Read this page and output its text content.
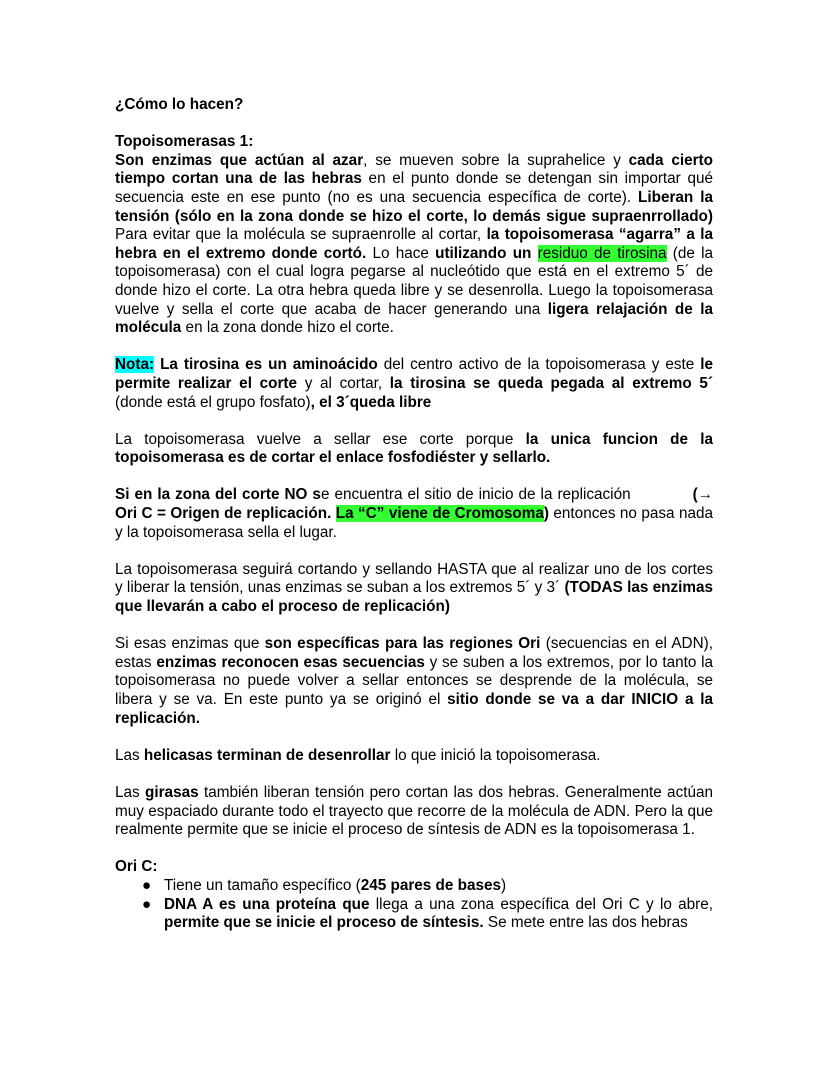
¿Cómo lo hacen?

Topoisomerasas 1:

Son enzimas que actúan al azar, se mueven sobre la suprahelice y cada cierto tiempo cortan una de las hebras en el punto donde se detengan sin importar qué secuencia este en ese punto (no es una secuencia específica de corte). Liberan la tensión (sólo en la zona donde se hizo el corte, lo demás sigue supraenrrollado) Para evitar que la molécula se supraenrolle al cortar, la topoisomerasa “agarra” a la hebra en el extremo donde cortó. Lo hace utilizando un residuo de tirosina (de la topoisomerasa) con el cual logra pegarse al nucleótido que está en el extremo 5´ de donde hizo el corte. La otra hebra queda libre y se desenrolla. Luego la topoisomerasa vuelve y sella el corte que acaba de hacer generando una ligera relajación de la molécula en la zona donde hizo el corte.

Nota: La tirosina es un aminoácido del centro activo de la topoisomerasa y este le permite realizar el corte y al cortar, la tirosina se queda pegada al extremo 5´ (donde está el grupo fosfato), el 3´queda libre

La topoisomerasa vuelve a sellar ese corte porque la unica funcion de la topoisomerasa es de cortar el enlace fosfodiéster y sellarlo.

Si en la zona del corte NO se encuentra el sitio de inicio de la replicación	(→ Ori C = Origen de replicación. La “C” viene de Cromosoma) entonces no pasa nada y la topoisomerasa sella el lugar.

La topoisomerasa seguirá cortando y sellando HASTA que al realizar uno de los cortes y liberar la tensión, unas enzimas se suban a los extremos 5´ y 3´ (TODAS las enzimas que llevarán a cabo el proceso de replicación)

Si esas enzimas que son específicas para las regiones Ori (secuencias en el ADN), estas enzimas reconocen esas secuencias y se suben a los extremos, por lo tanto la topoisomerasa no puede volver a sellar entonces se desprende de la molécula, se libera y se va. En este punto ya se originó el sitio donde se va a dar INICIO a la replicación.

Las helicasas terminan de desenrollar lo que inició la topoisomerasa.

Las girasas también liberan tensión pero cortan las dos hebras. Generalmente actúan muy espaciado durante todo el trayecto que recorre de la molécula de ADN. Pero la que realmente permite que se inicie el proceso de síntesis de ADN es la topoisomerasa 1.

Ori C:

● Tiene un tamaño específico (245 pares de bases)
● DNA A es una proteína que llega a una zona específica del Ori C y lo abre, permite que se inicie el proceso de síntesis. Se mete entre las dos hebras
